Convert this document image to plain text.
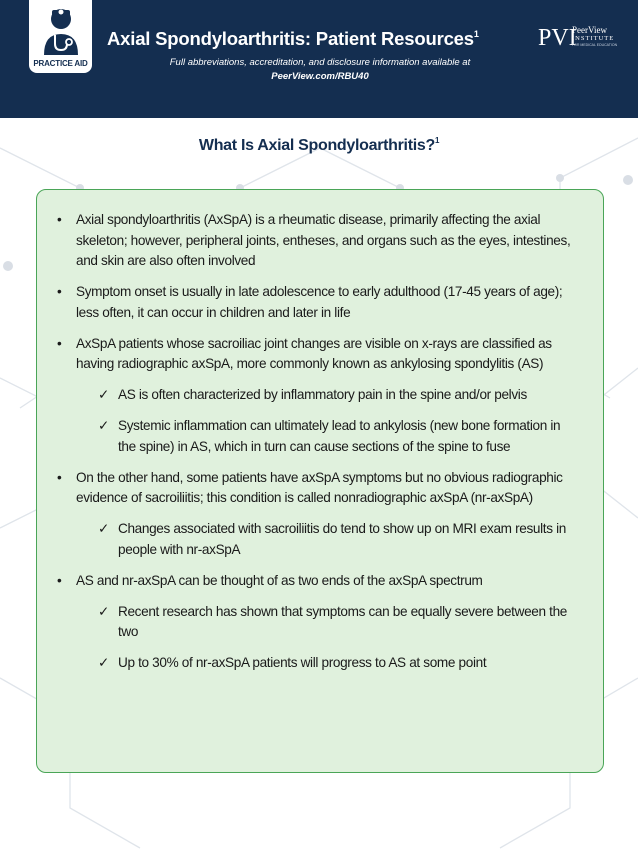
PRACTICE AID
Axial Spondyloarthritis: Patient Resources$^1$
Full abbreviations, accreditation, and disclosure information available at
PeerView.com/RBU40
PVI
PeerView
INSTITUTE
FOR MEDICAL EDUCATION
What Is Axial Spondyloarthritis?$^1$
• Axial spondyloarthritis (AxSpA) is a rheumatic disease, primarily affecting the axial skeleton; however, peripheral joints, entheses, and organs such as the eyes, intestines, and skin are also often involved
• Symptom onset is usually in late adolescence to early adulthood (17-45 years of age); less often, it can occur in children and later in life
• AxSpA patients whose sacroiliac joint changes are visible on x-rays are classified as having radiographic axSpA, more commonly known as ankylosing spondylitis (AS)
✓ AS is often characterized by inflammatory pain in the spine and/or pelvis
✓ Systemic inflammation can ultimately lead to ankylosis (new bone formation in the spine) in AS, which in turn can cause sections of the spine to fuse
• On the other hand, some patients have axSpA symptoms but no obvious radiographic evidence of sacroiliitis; this condition is called nonradiographic axSpA (nr-axSpA)
✓ Changes associated with sacroiliitis do tend to show up on MRI exam results in people with nr-axSpA
• AS and nr-axSpA can be thought of as two ends of the axSpA spectrum
✓ Recent research has shown that symptoms can be equally severe between the two
✓ Up to 30% of nr-axSpA patients will progress to AS at some point
